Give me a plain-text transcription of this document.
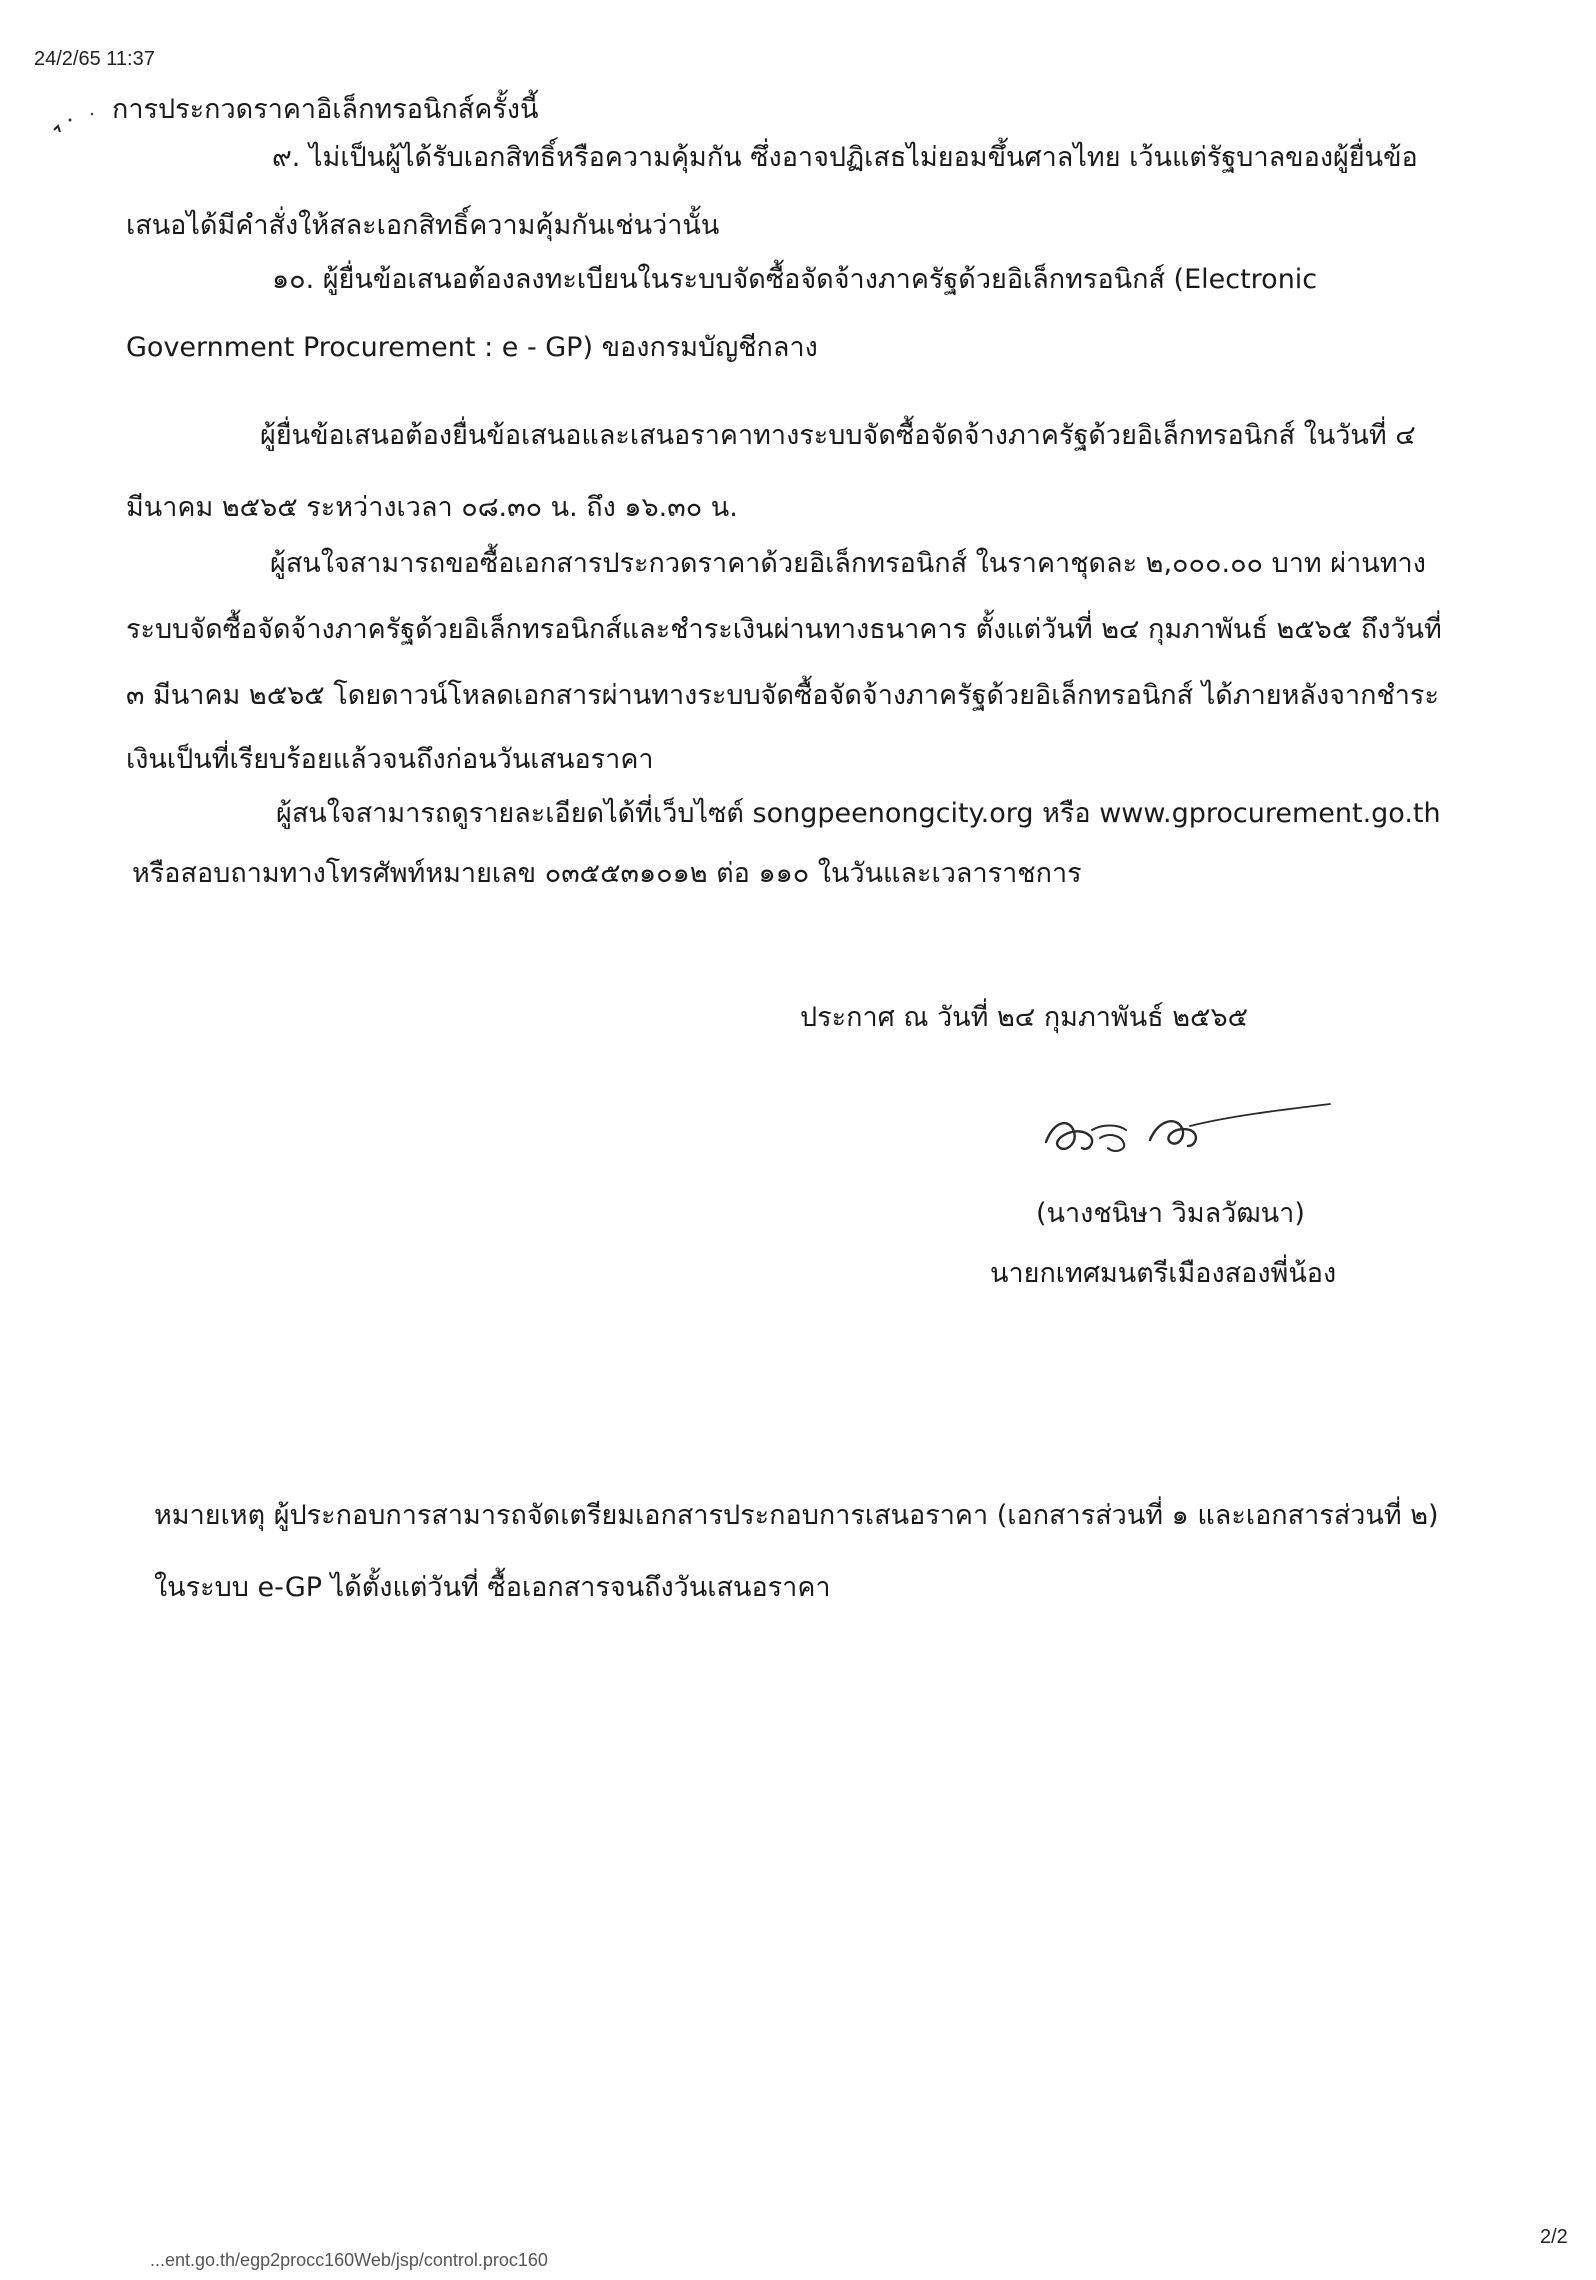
24/2/65 11:37
การประกวดราคาอิเล็กทรอนิกส์ครั้งนี้
๙. ไม่เป็นผู้ได้รับเอกสิทธิ์หรือความคุ้มกัน ซึ่งอาจปฏิเสธไม่ยอมขึ้นศาลไทย เว้นแต่รัฐบาลของผู้ยื่นข้อ
เสนอได้มีคำสั่งให้สละเอกสิทธิ์ความคุ้มกันเช่นว่านั้น
๑๐. ผู้ยื่นข้อเสนอต้องลงทะเบียนในระบบจัดซื้อจัดจ้างภาครัฐด้วยอิเล็กทรอนิกส์ (Electronic
Government Procurement : e - GP) ของกรมบัญชีกลาง
ผู้ยื่นข้อเสนอต้องยื่นข้อเสนอและเสนอราคาทางระบบจัดซื้อจัดจ้างภาครัฐด้วยอิเล็กทรอนิกส์ ในวันที่ ๔
มีนาคม ๒๕๖๕ ระหว่างเวลา ๐๘.๓๐ น. ถึง ๑๖.๓๐ น.
ผู้สนใจสามารถขอซื้อเอกสารประกวดราคาด้วยอิเล็กทรอนิกส์ ในราคาชุดละ ๒,๐๐๐.๐๐ บาท ผ่านทาง
ระบบจัดซื้อจัดจ้างภาครัฐด้วยอิเล็กทรอนิกส์และชำระเงินผ่านทางธนาคาร ตั้งแต่วันที่ ๒๔ กุมภาพันธ์ ๒๕๖๕ ถึงวันที่
๓ มีนาคม ๒๕๖๕ โดยดาวน์โหลดเอกสารผ่านทางระบบจัดซื้อจัดจ้างภาครัฐด้วยอิเล็กทรอนิกส์ ได้ภายหลังจากชำระ
เงินเป็นที่เรียบร้อยแล้วจนถึงก่อนวันเสนอราคา
ผู้สนใจสามารถดูรายละเอียดได้ที่เว็บไซต์ songpeenongcity.org หรือ www.gprocurement.go.th
หรือสอบถามทางโทรศัพท์หมายเลข ๐๓๕๕๓๑๐๑๒ ต่อ ๑๑๐ ในวันและเวลาราชการ
ประกาศ ณ วันที่ ๒๔ กุมภาพันธ์ ๒๕๖๕
(นางชนิษา วิมลวัฒนา)
นายกเทศมนตรีเมืองสองพี่น้อง
หมายเหตุ ผู้ประกอบการสามารถจัดเตรียมเอกสารประกอบการเสนอราคา (เอกสารส่วนที่ ๑ และเอกสารส่วนที่ ๒)
ในระบบ e-GP ได้ตั้งแต่วันที่ ซื้อเอกสารจนถึงวันเสนอราคา
...ent.go.th/egp2procc160Web/jsp/control.proc160
2/2
